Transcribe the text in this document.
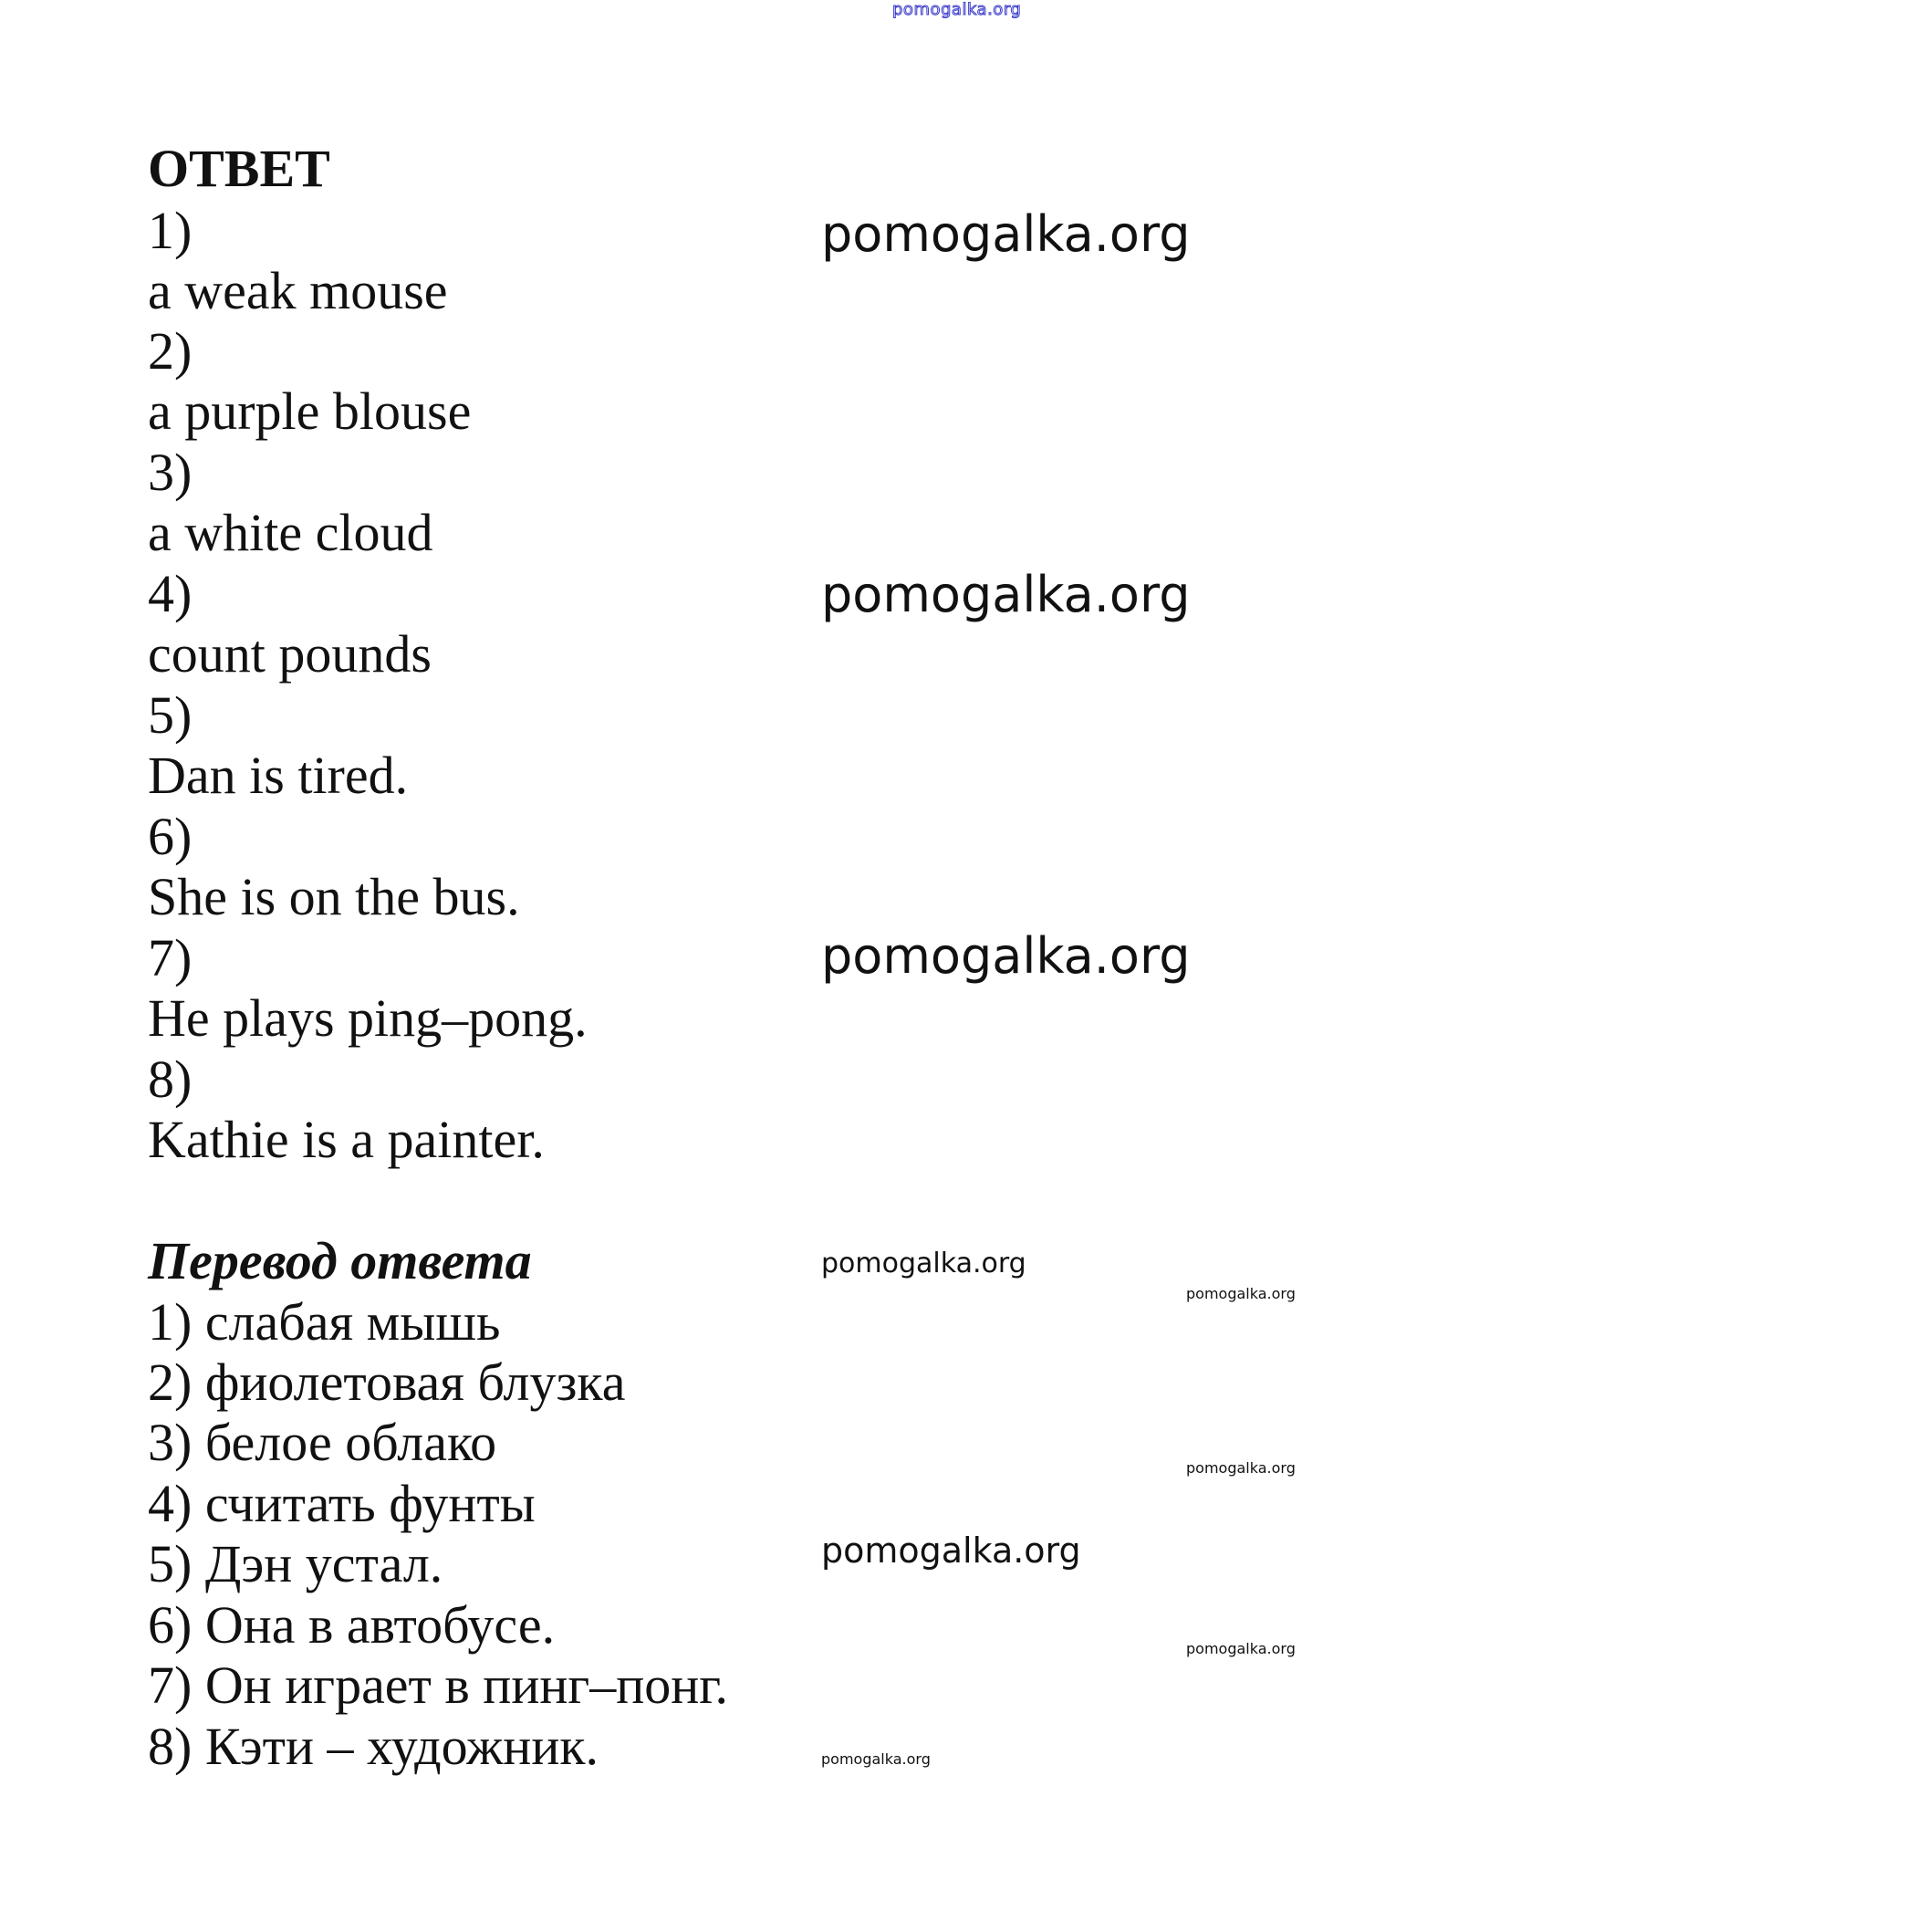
pomogalka.org
ОТВЕТ
1)
a weak mouse
2)
a purple blouse
3)
a white cloud
4)
count pounds
5)
Dan is tired.
6)
She is on the bus.
7)
He plays ping–pong.
8)
Kathie is a painter.
Перевод ответа
1) слабая мышь
2) фиолетовая блузка
3) белое облако
4) считать фунты
5) Дэн устал.
6) Она в автобусе.
7) Он играет в пинг–понг.
8) Кэти – художник.
pomogalka.org
pomogalka.org
pomogalka.org
pomogalka.org
pomogalka.org
pomogalka.org
pomogalka.org
pomogalka.org
pomogalka.org
